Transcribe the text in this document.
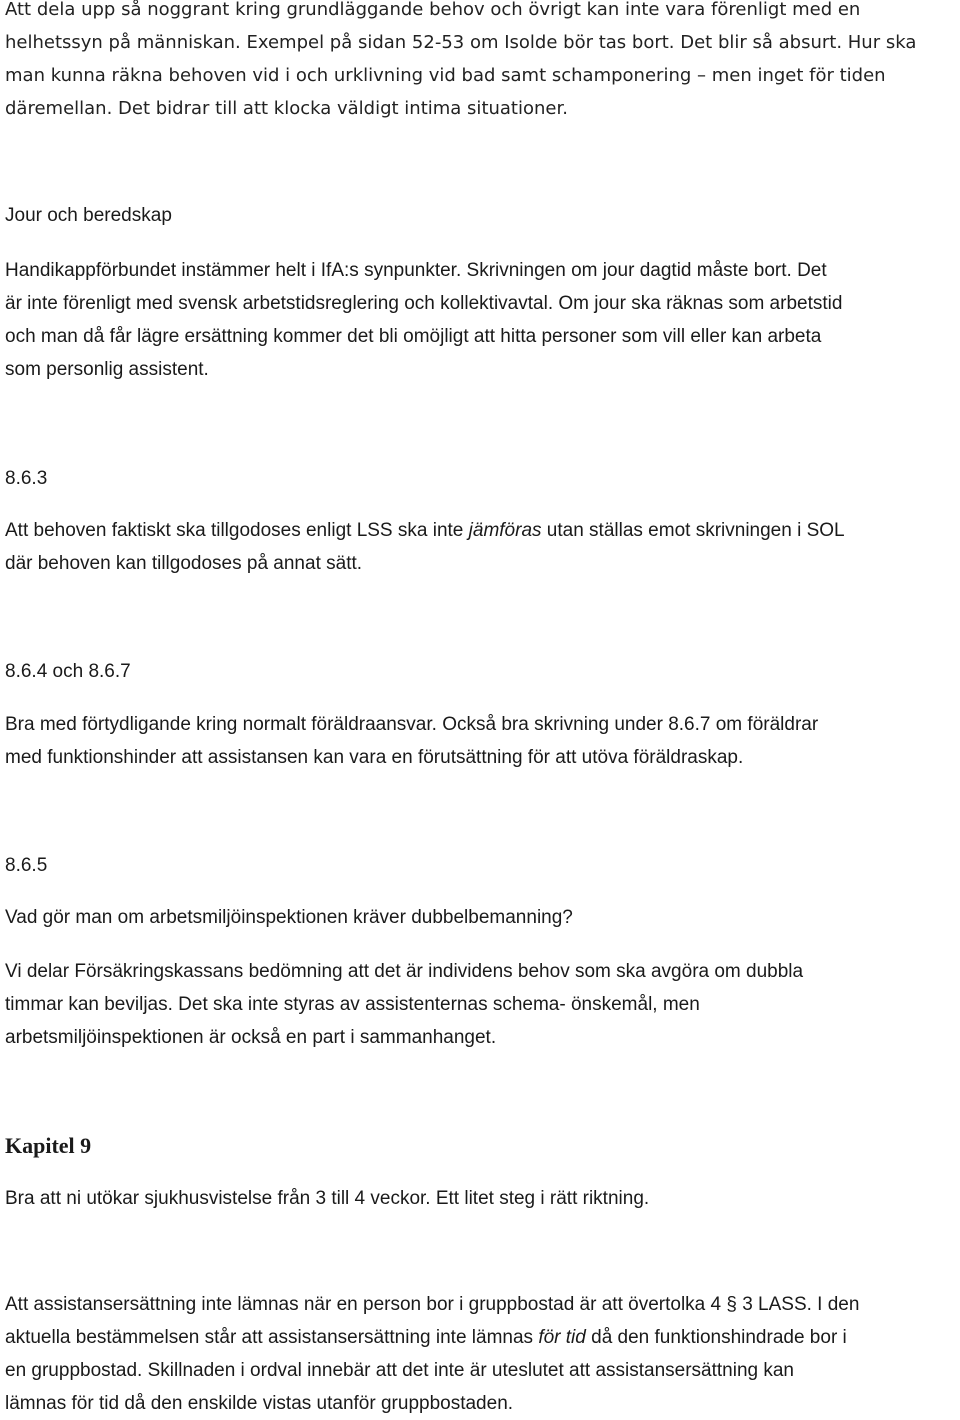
Att dela upp så noggrant kring grundläggande behov och övrigt kan inte vara förenligt med en

helhetssyn på människan. Exempel på sidan 52-53 om Isolde bör tas bort. Det blir så absurt. Hur ska

man kunna räkna behoven vid i och urklivning vid bad samt schamponering – men inget för tiden

däremellan. Det bidrar till att klocka väldigt intima situationer.

Jour och beredskap

Handikappförbundet instämmer helt i IfA:s synpunkter. Skrivningen om jour dagtid måste bort. Det

är inte förenligt med svensk arbetstidsreglering och kollektivavtal. Om jour ska räknas som arbetstid

och man då får lägre ersättning kommer det bli omöjligt att hitta personer som vill eller kan arbeta

som personlig assistent.

8.6.3

Att behoven faktiskt ska tillgodoses enligt LSS ska inte jämföras utan ställas emot skrivningen i SOL

där behoven kan tillgodoses på annat sätt.

8.6.4 och 8.6.7

Bra med förtydligande kring normalt föräldraansvar. Också bra skrivning under 8.6.7 om föräldrar

med funktionshinder att assistansen kan vara en förutsättning för att utöva föräldraskap.

8.6.5

Vad gör man om arbetsmiljöinspektionen kräver dubbelbemanning?

Vi delar Försäkringskassans bedömning att det är individens behov som ska avgöra om dubbla

timmar kan beviljas. Det ska inte styras av assistenternas schema- önskemål, men

arbetsmiljöinspektionen är också en part i sammanhanget.

Kapitel 9

Bra att ni utökar sjukhusvistelse från 3 till 4 veckor. Ett litet steg i rätt riktning.

Att assistansersättning inte lämnas när en person bor i gruppbostad är att övertolka 4 § 3 LASS. I den

aktuella bestämmelsen står att assistansersättning inte lämnas för tid då den funktionshindrade bor i

en gruppbostad. Skillnaden i ordval innebär att det inte är uteslutet att assistansersättning kan

lämnas för tid då den enskilde vistas utanför gruppbostaden.
